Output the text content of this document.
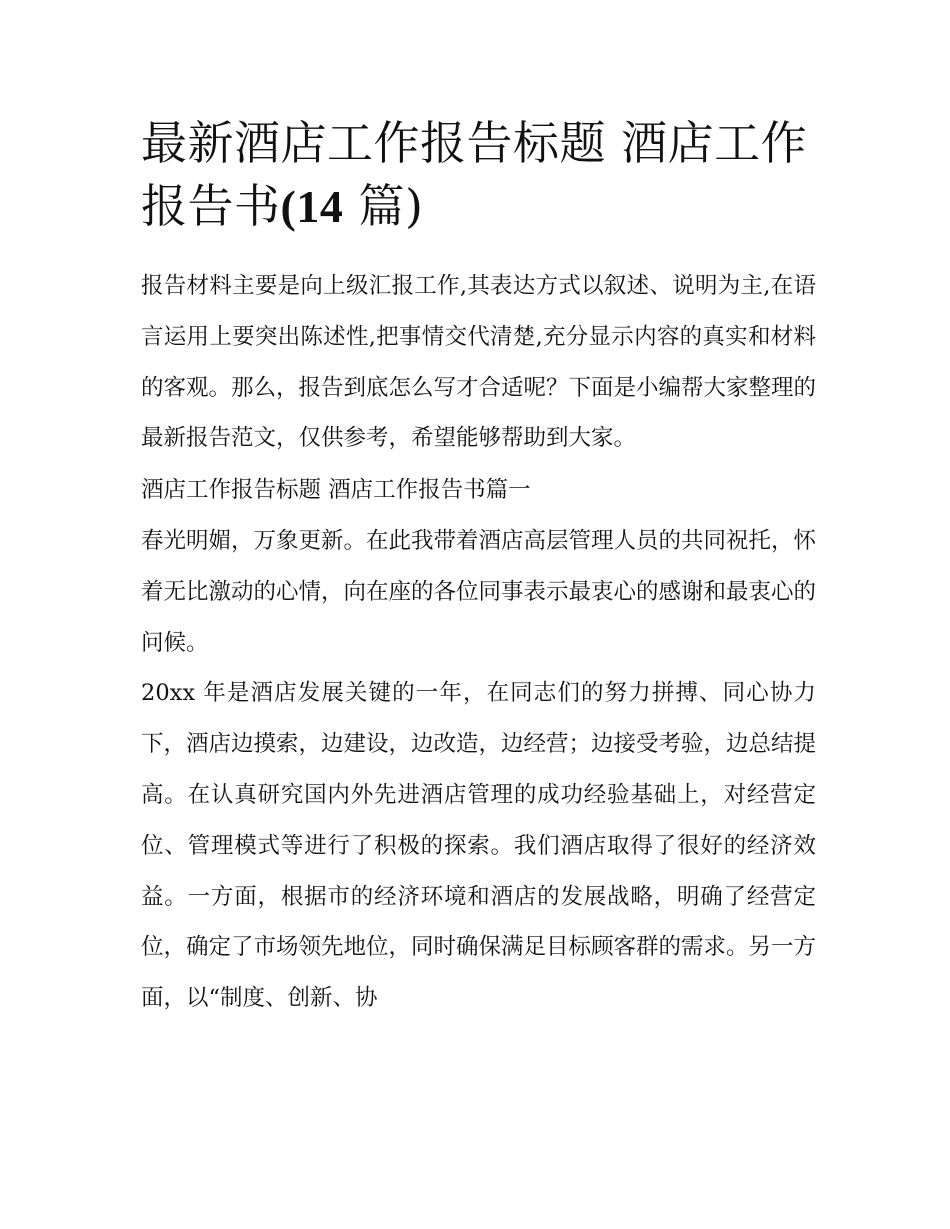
最新酒店工作报告标题 酒店工作报告书(14 篇)

报告材料主要是向上级汇报工作,其表达方式以叙述、说明为主,在语言运用上要突出陈述性,把事情交代清楚,充分显示内容的真实和材料的客观。那么，报告到底怎么写才合适呢？下面是小编帮大家整理的最新报告范文，仅供参考，希望能够帮助到大家。

酒店工作报告标题 酒店工作报告书篇一

春光明媚，万象更新。在此我带着酒店高层管理人员的共同祝托，怀着无比激动的心情，向在座的各位同事表示最衷心的感谢和最衷心的问候。

20xx 年是酒店发展关键的一年，在同志们的努力拼搏、同心协力下，酒店边摸索，边建设，边改造，边经营；边接受考验，边总结提高。在认真研究国内外先进酒店管理的成功经验基础上，对经营定位、管理模式等进行了积极的探索。我们酒店取得了很好的经济效益。一方面，根据市的经济环境和酒店的发展战略，明确了经营定位，确定了市场领先地位，同时确保满足目标顾客群的需求。另一方面，以“制度、创新、协
